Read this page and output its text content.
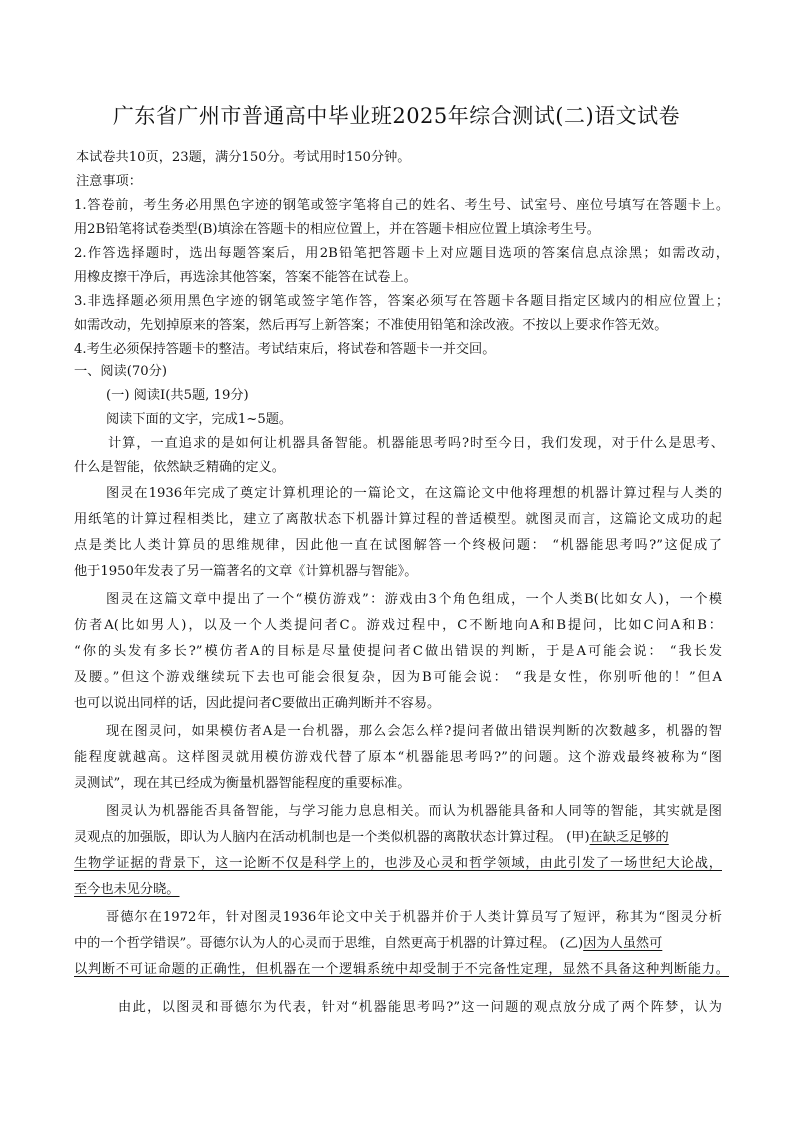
广东省广州市普通高中毕业班2025年综合测试(二)语文试卷
本试卷共10页，23题，满分150分。考试用时150分钟。
注意事项：
1.答卷前，考生务必用黑色字迹的钢笔或签字笔将自己的姓名、考生号、试室号、座位号填写在答题卡上。
用2B铅笔将试卷类型(B)填涂在答题卡的相应位置上，并在答题卡相应位置上填涂考生号。
2.作答选择题时，选出每题答案后，用2B铅笔把答题卡上对应题目选项的答案信息点涂黑；如需改动，
用橡皮擦干净后，再选涂其他答案，答案不能答在试卷上。
3.非选择题必须用黑色字迹的钢笔或签字笔作答，答案必须写在答题卡各题目指定区域内的相应位置上；
如需改动，先划掉原来的答案，然后再写上新答案；不准使用铅笔和涂改液。不按以上要求作答无效。
4.考生必须保持答题卡的整洁。考试结束后，将试卷和答题卡一并交回。
一、阅读(70分)
(一) 阅读Ⅰ(共5题, 19分)
阅读下面的文字，完成1~5题。
计算，一直追求的是如何让机器具备智能。机器能思考吗?时至今日，我们发现，对于什么是思考、
什么是智能，依然缺乏精确的定义。
图灵在1936年完成了奠定计算机理论的一篇论文，在这篇论文中他将理想的机器计算过程与人类的
用纸笔的计算过程相类比，建立了离散状态下机器计算过程的普适模型。就图灵而言，这篇论文成功的起
点是类比人类计算员的思维规律，因此他一直在试图解答一个终极问题： “机器能思考吗?”这促成了
他于1950年发表了另一篇著名的文章《计算机器与智能》。
图灵在这篇文章中提出了一个“模仿游戏”：游戏由3个角色组成，一个人类B(比如女人)，一个模
仿者A(比如男人)，以及一个人类提问者C。游戏过程中，C不断地向A和B提问，比如C问A和B：
“你的头发有多长?”模仿者A的目标是尽量使提问者C做出错误的判断，于是A可能会说： “我长发
及腰。”但这个游戏继续玩下去也可能会很复杂，因为B可能会说： “我是女性，你别听他的！”但A
也可以说出同样的话，因此提问者C要做出正确判断并不容易。
现在图灵问，如果模仿者A是一台机器，那么会怎么样?提问者做出错误判断的次数越多，机器的智
能程度就越高。这样图灵就用模仿游戏代替了原本“机器能思考吗?”的问题。这个游戏最终被称为“图
灵测试”，现在其已经成为衡量机器智能程度的重要标准。
图灵认为机器能否具备智能，与学习能力息息相关。而认为机器能具备和人同等的智能，其实就是图
灵观点的加强版，即认为人脑内在活动机制也是一个类似机器的离散状态计算过程。 (甲)在缺乏足够的
生物学证据的背景下，这一论断不仅是科学上的，也涉及心灵和哲学领域，由此引发了一场世纪大论战，
至今也未见分晓。
哥德尔在1972年，针对图灵1936年论文中关于机器并价于人类计算员写了短评，称其为“图灵分析
中的一个哲学错误”。哥德尔认为人的心灵而于思维，自然更高于机器的计算过程。 (乙)因为人虽然可
以判断不可证命题的正确性，但机器在一个逻辑系统中却受制于不完备性定理，显然不具备这种判断能力。
由此，以图灵和哥德尔为代表，针对“机器能思考吗?”这一问题的观点放分成了两个阵梦，认为
